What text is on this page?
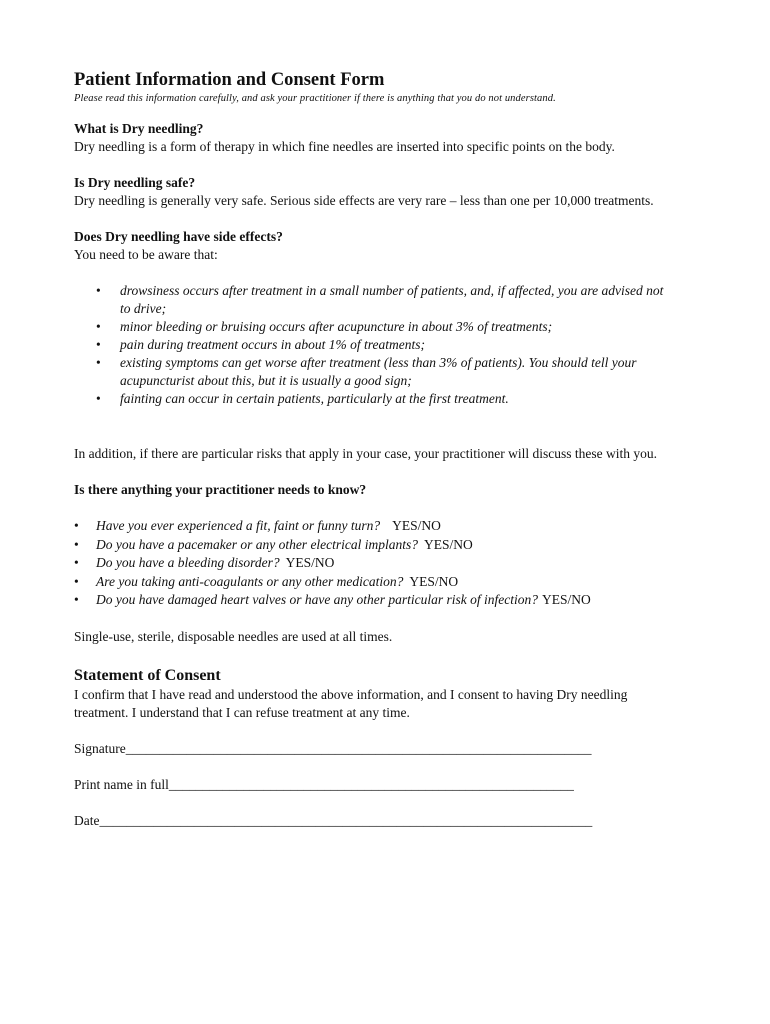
Patient Information and Consent Form

Please read this information carefully, and ask your practitioner if there is anything that you do not understand.

What is Dry needling?

Dry needling is a form of therapy in which fine needles are inserted into specific points on the body.

Is Dry needling safe?

Dry needling is generally very safe. Serious side effects are very rare – less than one per 10,000 treatments.

Does Dry needling have side effects?

You need to be aware that:

• drowsiness occurs after treatment in a small number of patients, and, if affected, you are advised not to drive;
• minor bleeding or bruising occurs after acupuncture in about 3% of treatments;
• pain during treatment occurs in about 1% of treatments;
• existing symptoms can get worse after treatment (less than 3% of patients). You should tell your acupuncturist about this, but it is usually a good sign;
• fainting can occur in certain patients, particularly at the first treatment.

In addition, if there are particular risks that apply in your case, your practitioner will discuss these with you.

Is there anything your practitioner needs to know?

• Have you ever experienced a fit, faint or funny turn? YES/NO
• Do you have a pacemaker or any other electrical implants? YES/NO
• Do you have a bleeding disorder? YES/NO
• Are you taking anti-coagulants or any other medication? YES/NO
• Do you have damaged heart valves or have any other particular risk of infection? YES/NO

Single-use, sterile, disposable needles are used at all times.

Statement of Consent

I confirm that I have read and understood the above information, and I consent to having Dry needling treatment. I understand that I can refuse treatment at any time.

Signature_____________________________________________________________________

Print name in full____________________________________________________________

Date_________________________________________________________________________
